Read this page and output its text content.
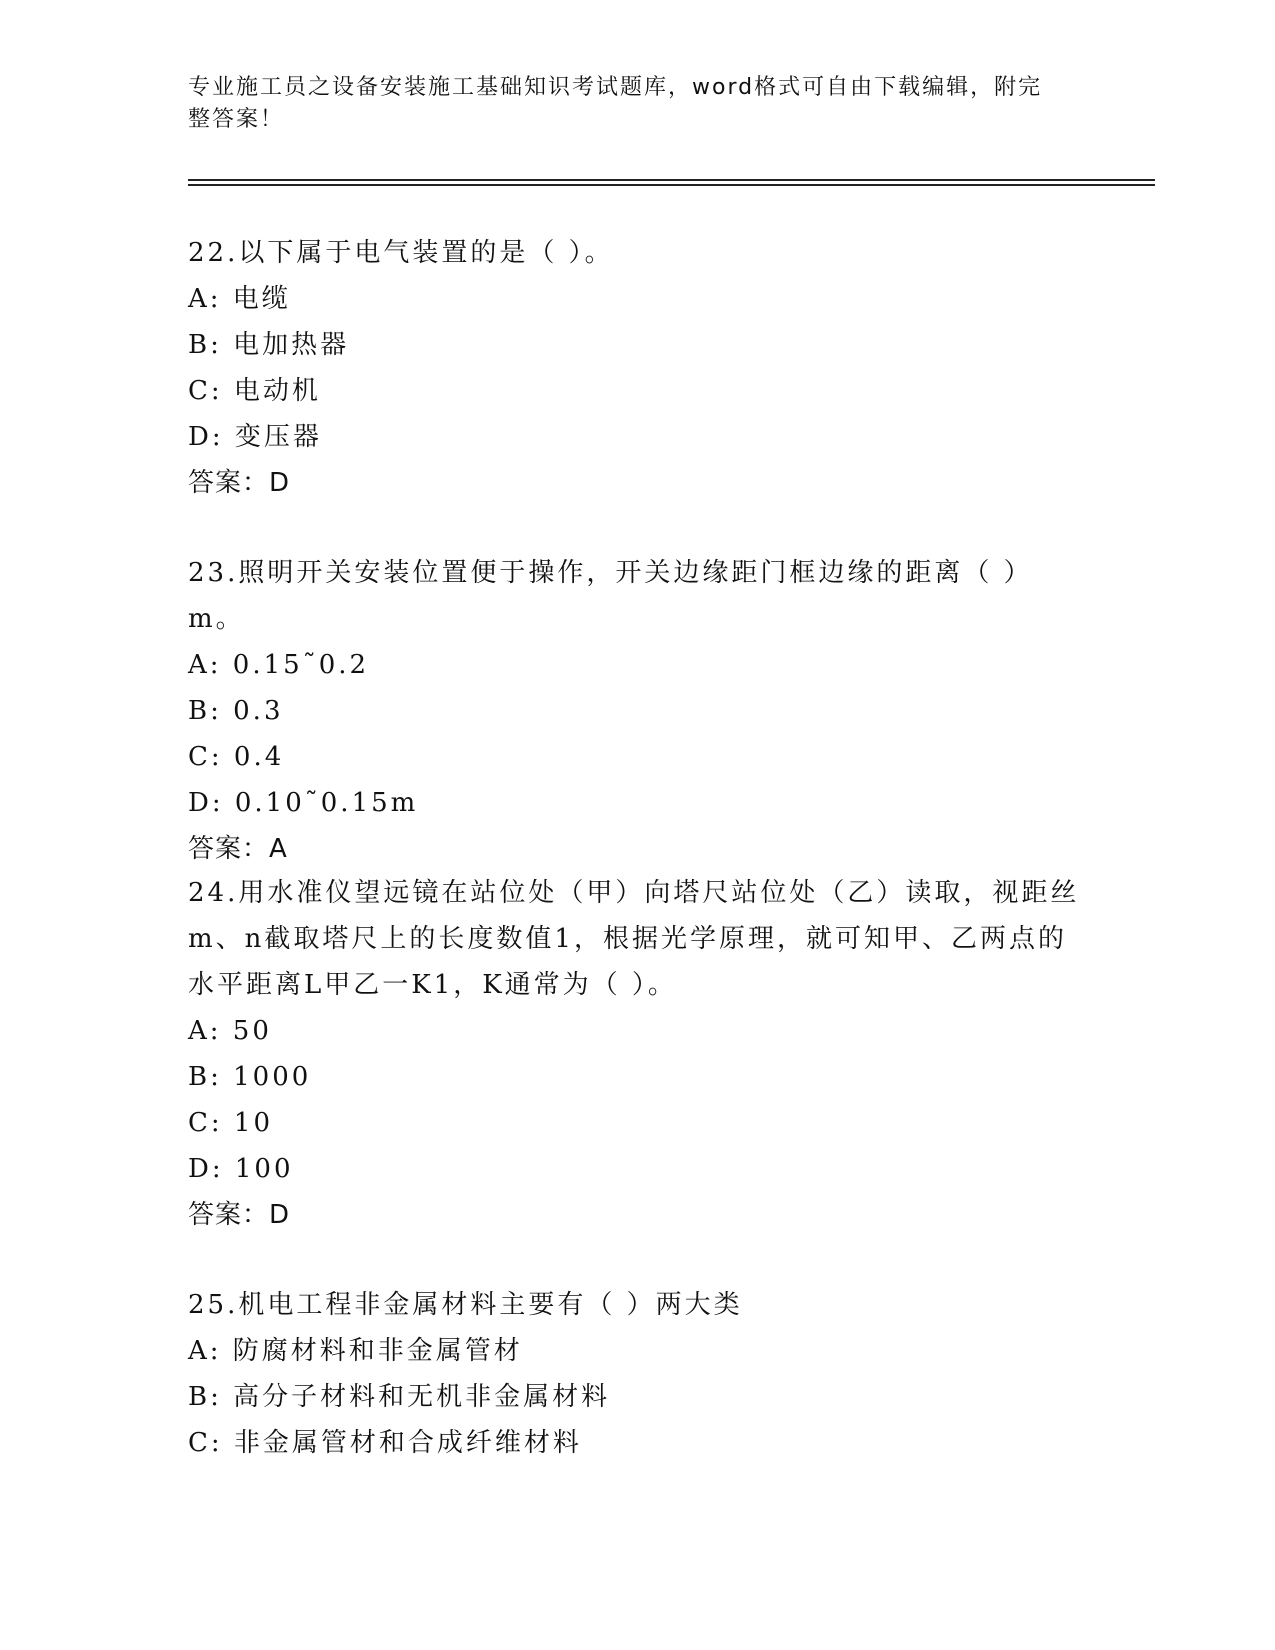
专业施工员之设备安装施工基础知识考试题库，word格式可自由下载编辑，附完
整答案！
22.以下属于电气装置的是（ ）。
A: 电缆
B: 电加热器
C: 电动机
D: 变压器
答案：D
23.照明开关安装位置便于操作，开关边缘距门框边缘的距离（ ）m。
A: 0.15˜0.2
B: 0.3
C: 0.4
D: 0.10˜0.15m
答案：A
24.用水准仪望远镜在站位处（甲）向塔尺站位处（乙）读取，视距丝
m、n截取塔尺上的长度数值1，根据光学原理，就可知甲、乙两点的
水平距离L甲乙一K1，K通常为（ ）。
A: 50
B: 1000
C: 10
D: 100
答案：D
25.机电工程非金属材料主要有（ ）两大类
A: 防腐材料和非金属管材
B: 高分子材料和无机非金属材料
C: 非金属管材和合成纤维材料
